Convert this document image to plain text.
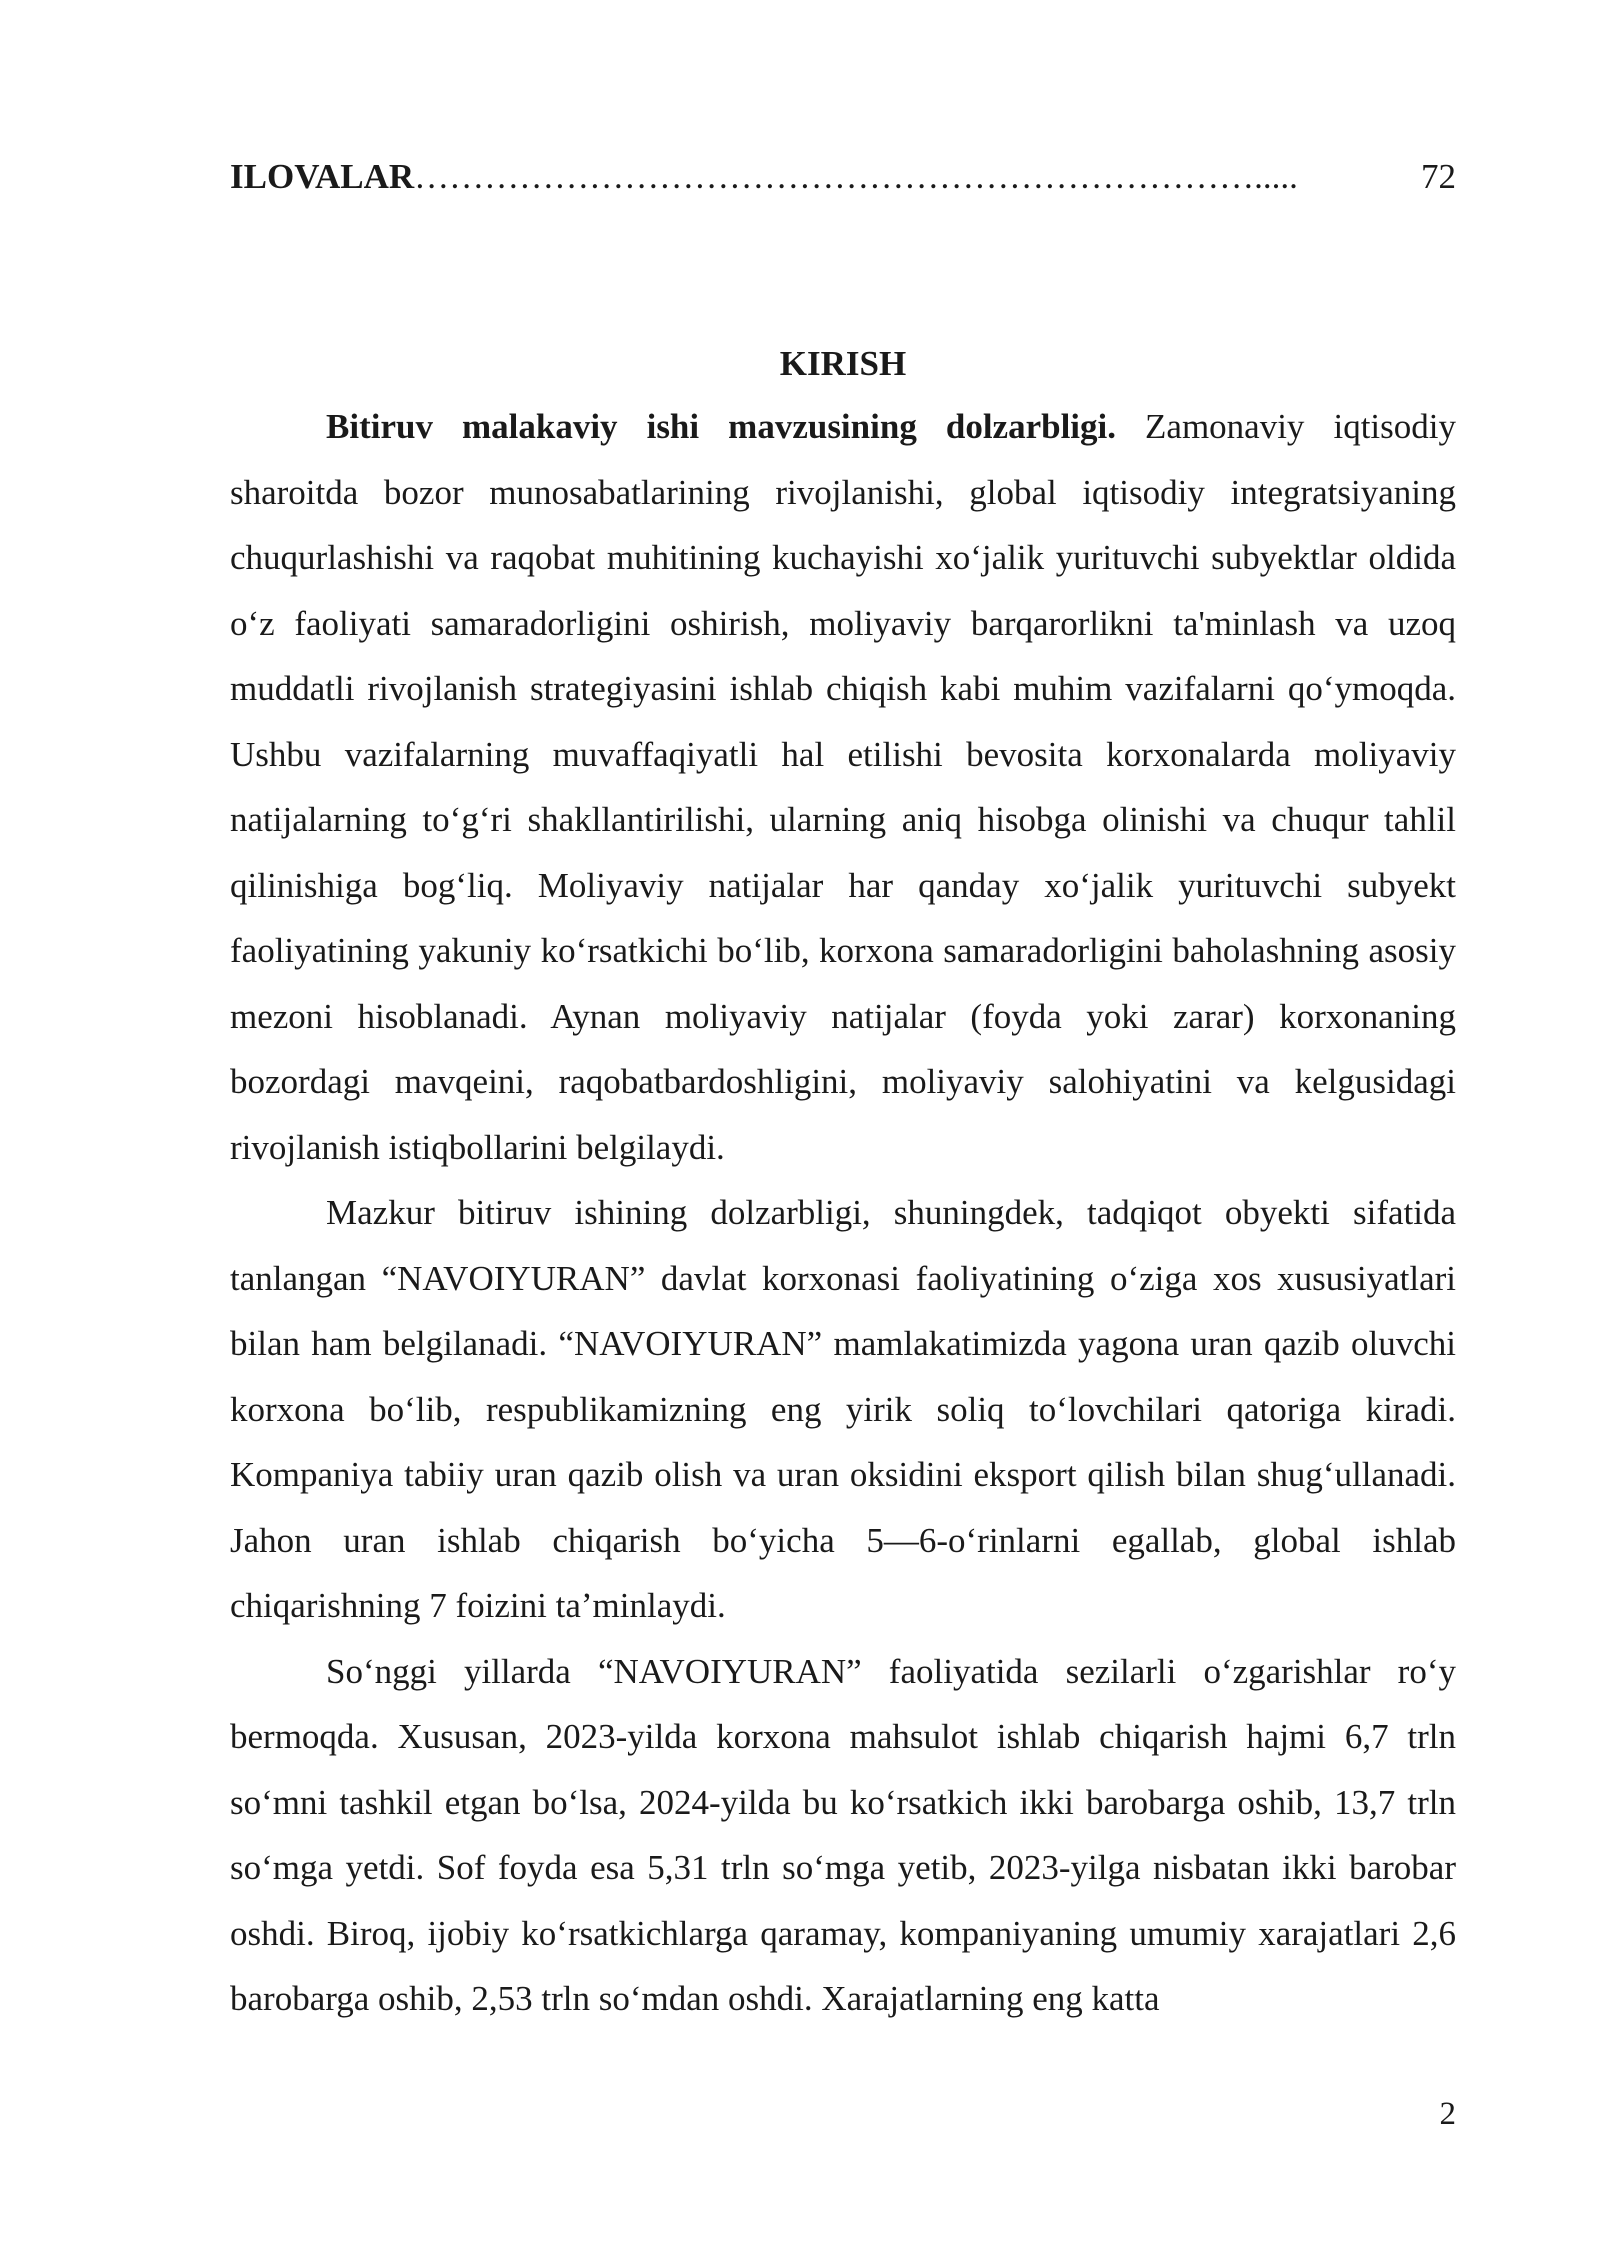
ILOVALAR ……………………………………………………………….....	72
KIRISH

Bitiruv malakaviy ishi mavzusining dolzarbligi. Zamonaviy iqtisodiy sharoitda bozor munosabatlarining rivojlanishi, global iqtisodiy integratsiyaning chuqurlashishi va raqobat muhitining kuchayishi xoʻjalik yurituvchi subyektlar oldida oʻz faoliyati samaradorligini oshirish, moliyaviy barqarorlikni ta'minlash va uzoq muddatli rivojlanish strategiyasini ishlab chiqish kabi muhim vazifalarni qoʻymoqda. Ushbu vazifalarning muvaffaqiyatli hal etilishi bevosita korxonalarda moliyaviy natijalarning toʻgʻri shakllantirilishi, ularning aniq hisobga olinishi va chuqur tahlil qilinishiga bogʻliq. Moliyaviy natijalar har qanday xoʻjalik yurituvchi subyekt faoliyatining yakuniy koʻrsatkichi boʻlib, korxona samaradorligini baholashning asosiy mezoni hisoblanadi. Aynan moliyaviy natijalar (foyda yoki zarar) korxonaning bozordagi mavqeini, raqobatbardoshligini, moliyaviy salohiyatini va kelgusidagi rivojlanish istiqbollarini belgilaydi.

Mazkur bitiruv ishining dolzarbligi, shuningdek, tadqiqot obyekti sifatida tanlangan “NAVOIYURAN” davlat korxonasi faoliyatining oʻziga xos xususiyatlari bilan ham belgilanadi. “NAVOIYURAN” mamlakatimizda yagona uran qazib oluvchi korxona boʻlib, respublikamizning eng yirik soliq toʻlovchilari qatoriga kiradi. Kompaniya tabiiy uran qazib olish va uran oksidini eksport qilish bilan shugʻullanadi. Jahon uran ishlab chiqarish boʻyicha 5—6-oʻrinlarni egallab, global ishlab chiqarishning 7 foizini taʼminlaydi.

Soʻnggi yillarda “NAVOIYURAN” faoliyatida sezilarli oʻzgarishlar roʻy bermoqda. Xususan, 2023-yilda korxona mahsulot ishlab chiqarish hajmi 6,7 trln soʻmni tashkil etgan boʻlsa, 2024-yilda bu koʻrsatkich ikki barobarga oshib, 13,7 trln soʻmga yetdi. Sof foyda esa 5,31 trln soʻmga yetib, 2023-yilga nisbatan ikki barobar oshdi. Biroq, ijobiy koʻrsatkichlarga qaramay, kompaniyaning umumiy xarajatlari 2,6 barobarga oshib, 2,53 trln soʻmdan oshdi. Xarajatlarning eng katta

2
